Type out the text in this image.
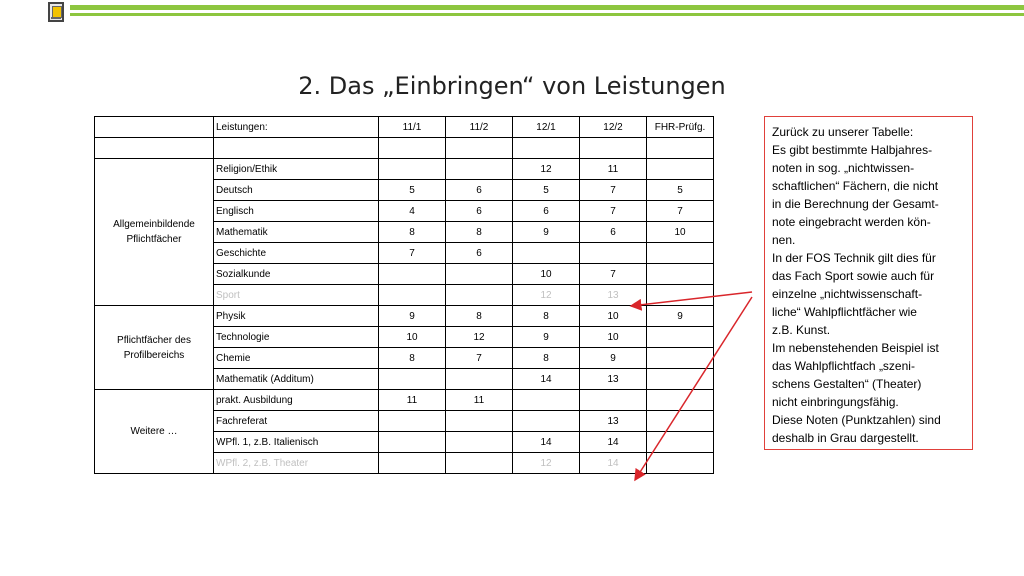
2. Das „Einbringen“ von Leistungen
	Leistungen:	11/1	11/2	12/1	12/2	FHR-Prüfg.

Allgemeinbildende Pflichtfächer	Religion/Ethik			12	11	
	Deutsch	5	6	5	7	5
	Englisch	4	6	6	7	7
	Mathematik	8	8	9	6	10
	Geschichte	7	6			
	Sozialkunde			10	7	
	Sport			12	13	
Pflichtfächer des Profilbereichs	Physik	9	8	8	10	9
	Technologie	10	12	9	10	
	Chemie	8	7	8	9	
	Mathematik (Additum)			14	13	
Weitere …	prakt. Ausbildung	11	11			
	Fachreferat				13	
	WPfl. 1, z.B. Italienisch			14	14	
	WPfl. 2, z.B. Theater			12	14	
Zurück zu unserer Tabelle:
Es gibt bestimmte Halbjahres-
noten in sog. „nichtwissen-
schaftlichen“ Fächern, die nicht
in die Berechnung der Gesamt-
note eingebracht werden kön-
nen.
In der FOS Technik gilt dies für
das Fach Sport sowie auch für
einzelne „nichtwissenschaft-
liche“ Wahlpflichtfächer wie
z.B. Kunst.
Im nebenstehenden Beispiel ist
das Wahlpflichtfach „szeni-
schens Gestalten“ (Theater)
nicht einbringungsfähig.
Diese Noten (Punktzahlen) sind
deshalb in Grau dargestellt.
